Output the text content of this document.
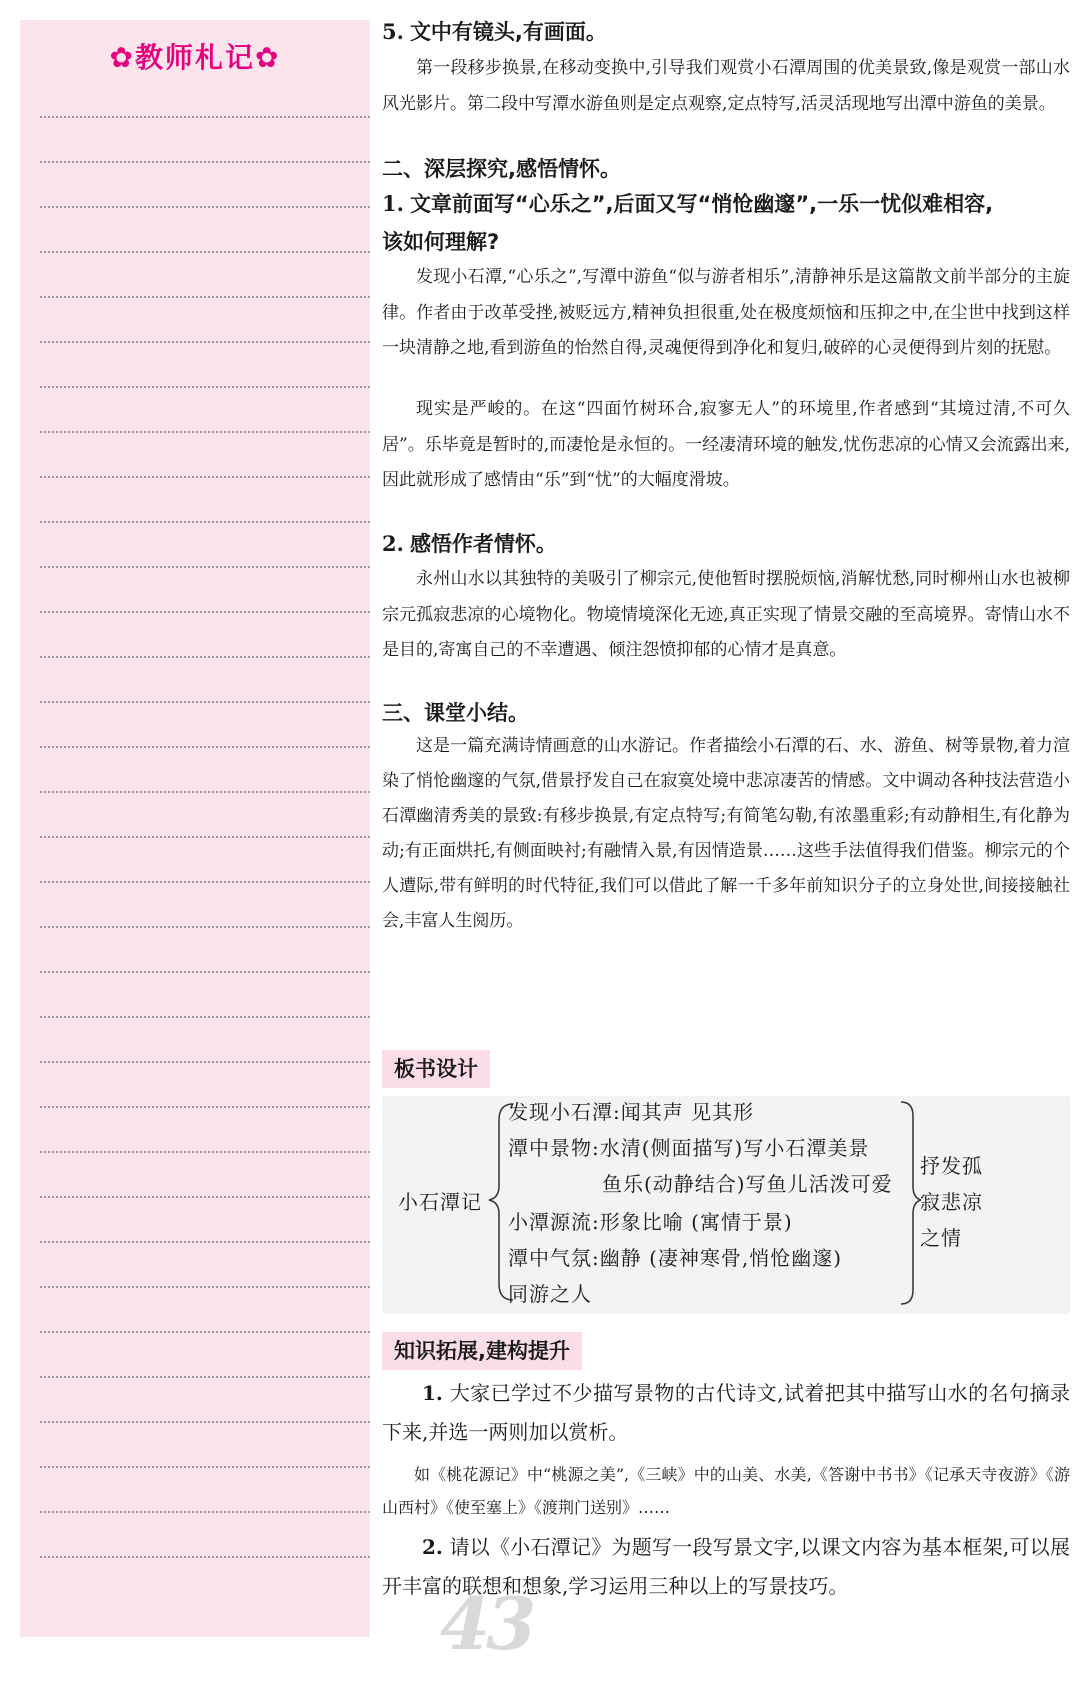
✿教师札记✿
5. 文中有镜头,有画面。

第一段移步换景,在移动变换中,引导我们观赏小石潭周围的优美景致,像是观赏一部山水风光影片。第二段中写潭水游鱼则是定点观察,定点特写,活灵活现地写出潭中游鱼的美景。

二、深层探究,感悟情怀。
1. 文章前面写“心乐之”,后面又写“悄怆幽邃”,一乐一忧似难相容,
该如何理解?

发现小石潭,“心乐之”,写潭中游鱼“似与游者相乐”,清静神乐是这篇散文前半部分的主旋律。作者由于改革受挫,被贬远方,精神负担很重,处在极度烦恼和压抑之中,在尘世中找到这样一块清静之地,看到游鱼的怡然自得,灵魂便得到净化和复归,破碎的心灵便得到片刻的抚慰。

现实是严峻的。在这“四面竹树环合,寂寥无人”的环境里,作者感到“其境过清,不可久居”。乐毕竟是暂时的,而凄怆是永恒的。一经凄清环境的触发,忧伤悲凉的心情又会流露出来,因此就形成了感情由“乐”到“忧”的大幅度滑坡。

2. 感悟作者情怀。

永州山水以其独特的美吸引了柳宗元,使他暂时摆脱烦恼,消解忧愁,同时柳州山水也被柳宗元孤寂悲凉的心境物化。物境情境深化无迹,真正实现了情景交融的至高境界。寄情山水不是目的,寄寓自己的不幸遭遇、倾注怨愤抑郁的心情才是真意。

三、课堂小结。

这是一篇充满诗情画意的山水游记。作者描绘小石潭的石、水、游鱼、树等景物,着力渲染了悄怆幽邃的气氛,借景抒发自己在寂寞处境中悲凉凄苦的情感。文中调动各种技法营造小石潭幽清秀美的景致:有移步换景,有定点特写;有简笔勾勒,有浓墨重彩;有动静相生,有化静为动;有正面烘托,有侧面映衬;有融情入景,有因情造景……这些手法值得我们借鉴。柳宗元的个人遭际,带有鲜明的时代特征,我们可以借此了解一千多年前知识分子的立身处世,间接接触社会,丰富人生阅历。

板书设计
小石潭记
发现小石潭:闻其声 见其形
潭中景物:水清(侧面描写)写小石潭美景
鱼乐(动静结合)写鱼儿活泼可爱
小潭源流:形象比喻 (寓情于景)
潭中气氛:幽静 (凄神寒骨,悄怆幽邃)
同游之人
抒发孤
寂悲凉
之情
知识拓展,建构提升

1. 大家已学过不少描写景物的古代诗文,试着把其中描写山水的名句摘录下来,并选一两则加以赏析。

如《桃花源记》中“桃源之美”,《三峡》中的山美、水美,《答谢中书书》《记承天寺夜游》《游山西村》《使至塞上》《渡荆门送别》……

2. 请以《小石潭记》为题写一段写景文字,以课文内容为基本框架,可以展开丰富的联想和想象,学习运用三种以上的写景技巧。

43
